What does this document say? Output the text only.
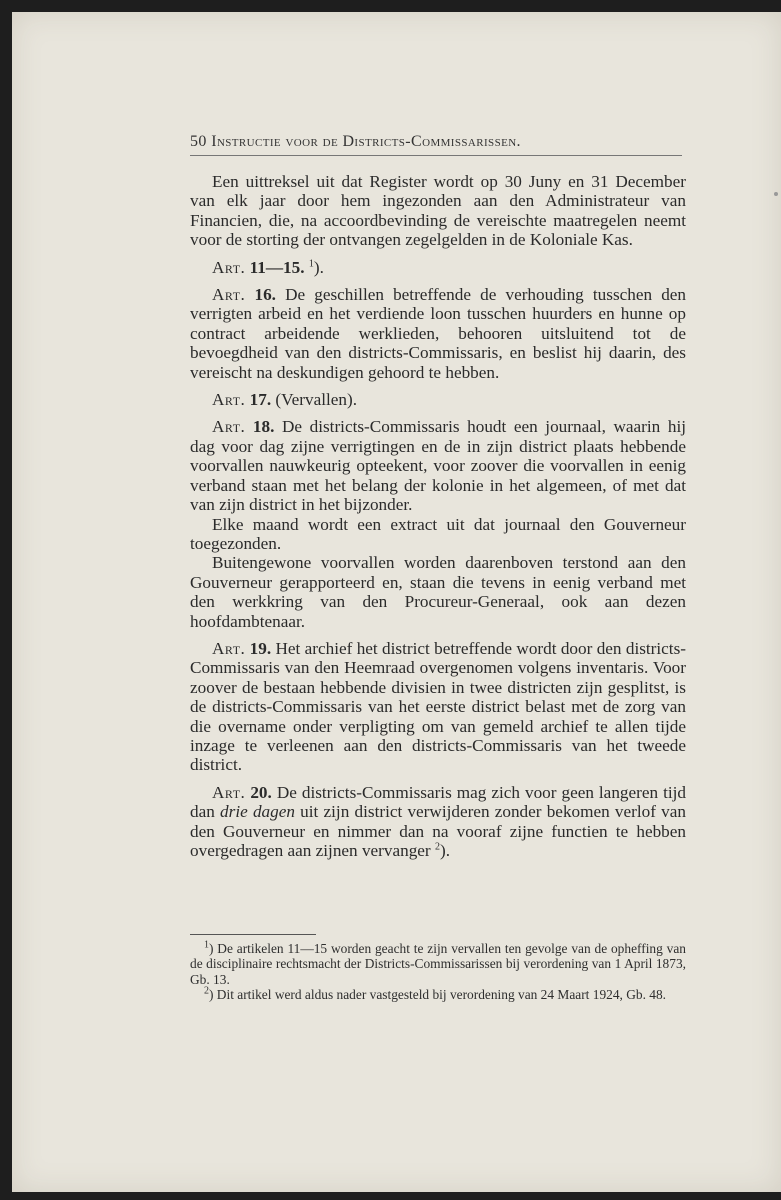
50 Instructie voor de Districts-Commissarissen.

Een uittreksel uit dat Register wordt op 30 Juny en 31 December van elk jaar door hem ingezonden aan den Administrateur van Financien, die, na accoordbevinding de vereischte maatregelen neemt voor de storting der ontvangen zegelgelden in de Koloniale Kas.

Art. 11—15. $^1$).

Art. 16. De geschillen betreffende de verhouding tusschen den verrigten arbeid en het verdiende loon tusschen huurders en hunne op contract arbeidende werklieden, behooren uitsluitend tot de bevoegdheid van den districts-Commissaris, en beslist hij daarin, des vereischt na deskundigen gehoord te hebben.

Art. 17. (Vervallen).

Art. 18. De districts-Commissaris houdt een journaal, waarin hij dag voor dag zijne verrigtingen en de in zijn district plaats hebbende voorvallen nauwkeurig opteekent, voor zoover die voorvallen in eenig verband staan met het belang der kolonie in het algemeen, of met dat van zijn district in het bijzonder.

Elke maand wordt een extract uit dat journaal den Gouverneur toegezonden.

Buitengewone voorvallen worden daarenboven terstond aan den Gouverneur gerapporteerd en, staan die tevens in eenig verband met den werkkring van den Procureur-Generaal, ook aan dezen hoofdambtenaar.

Art. 19. Het archief het district betreffende wordt door den districts-Commissaris van den Heemraad overgenomen volgens inventaris. Voor zoover de bestaan hebbende divisien in twee districten zijn gesplitst, is de districts-Commissaris van het eerste district belast met de zorg van die overname onder verpligting om van gemeld archief te allen tijde inzage te verleenen aan den districts-Commissaris van het tweede district.

Art. 20. De districts-Commissaris mag zich voor geen langeren tijd dan drie dagen uit zijn district verwijderen zonder bekomen verlof van den Gouverneur en nimmer dan na vooraf zijne functien te hebben overgedragen aan zijnen vervanger $^2$).

$^1$) De artikelen 11—15 worden geacht te zijn vervallen ten gevolge van de opheffing van de disciplinaire rechtsmacht der Districts-Commissarissen bij verordening van 1 April 1873, Gb. 13.

$^2$) Dit artikel werd aldus nader vastgesteld bij verordening van 24 Maart 1924, Gb. 48.
